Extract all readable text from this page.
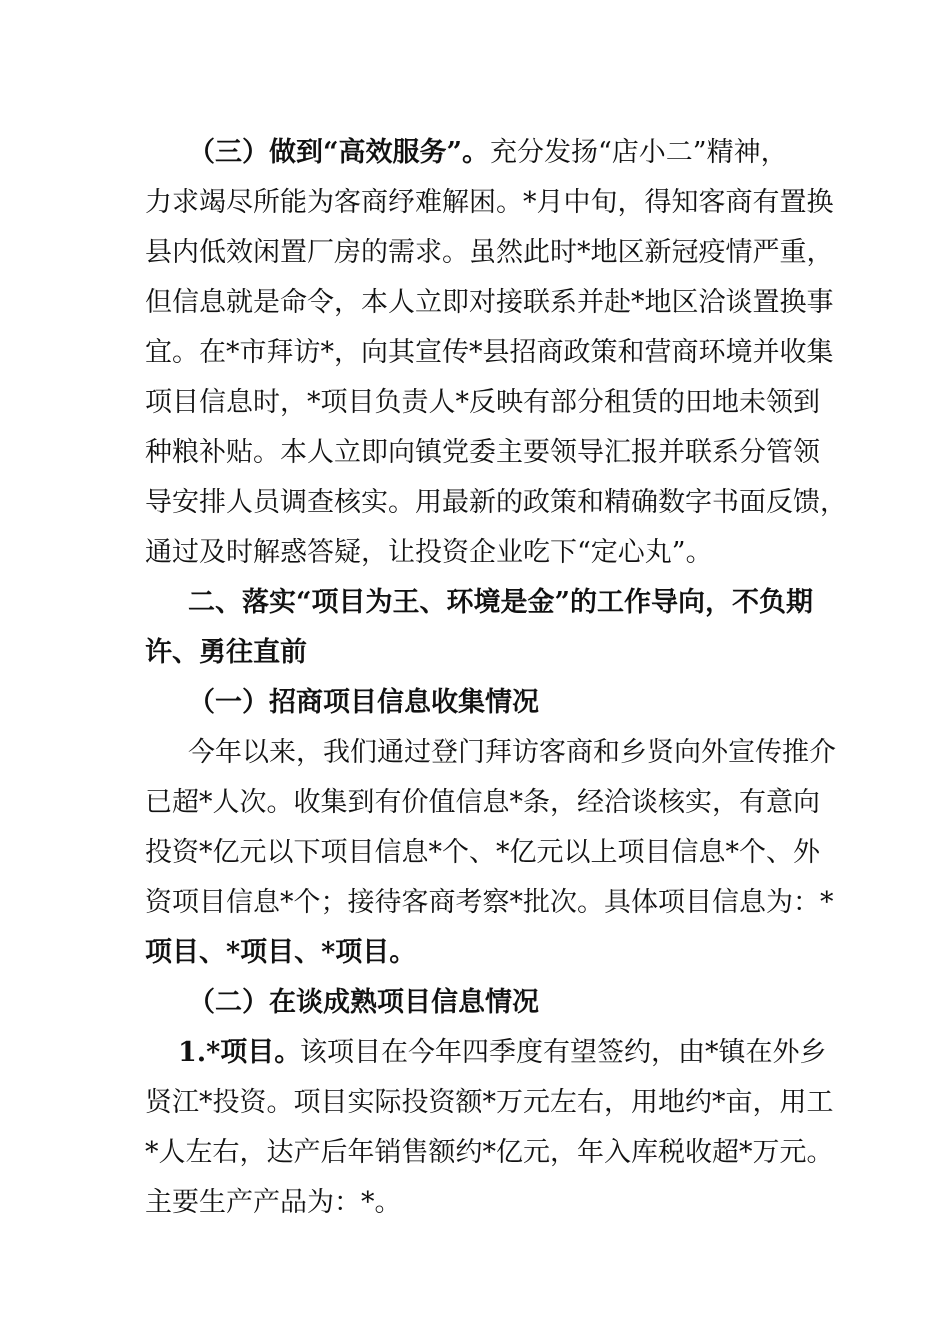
（三）做到“高效服务”。 充分发扬“店小二”精神，
力求竭尽所能为客商纾难解困。*月中旬，得知客商有置换
县内低效闲置厂房的需求。虽然此时*地区新冠疫情严重，
但信息就是命令，本人立即对接联系并赴*地区洽谈置换事
宜。在*市拜访*，向其宣传*县招商政策和营商环境并收集
项目信息时，*项目负责人*反映有部分租赁的田地未领到
种粮补贴。本人立即向镇党委主要领导汇报并联系分管领
导安排人员调查核实。用最新的政策和精确数字书面反馈，
通过及时解惑答疑，让投资企业吃下“定心丸”。
二、落实“项目为王、环境是金”的工作导向，不负期
许、勇往直前
（一）招商项目信息收集情况
今年以来，我们通过登门拜访客商和乡贤向外宣传推介
已超*人次。收集到有价值信息*条，经洽谈核实，有意向
投资*亿元以下项目信息*个、*亿元以上项目信息*个、外
资项目信息*个；接待客商考察*批次。具体项目信息为：*
项目、*项目、*项目。
（二）在谈成熟项目信息情况
1.*项目。
该项目在今年四季度有望签约，由*镇在外乡
贤江*投资。项目实际投资额*万元左右，用地约*亩，用工
*人左右，达产后年销售额约*亿元，年入库税收超*万元。
主要生产产品为：*。
